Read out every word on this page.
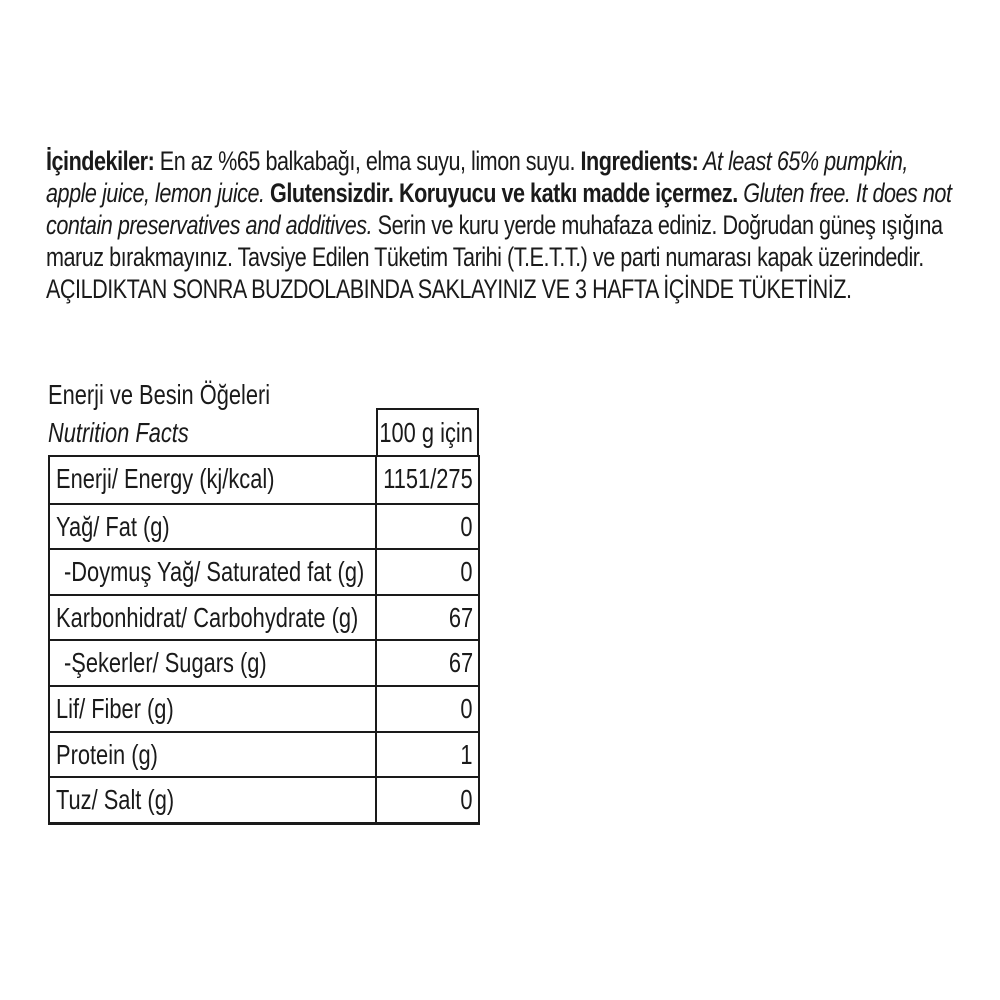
İçindekiler: En az %65 balkabağı, elma suyu, limon suyu. Ingredients: At least 65% pumpkin, apple juice, lemon juice. Glutensizdir. Koruyucu ve katkı madde içermez. Gluten free. It does not contain preservatives and additives. Serin ve kuru yerde muhafaza ediniz. Doğrudan güneş ışığına maruz bırakmayınız. Tavsiye Edilen Tüketim Tarihi (T.E.T.T.) ve parti numarası kapak üzerindedir. AÇILDIKTAN SONRA BUZDOLABINDA SAKLAYINIZ VE 3 HAFTA İÇİNDE TÜKETİNİZ.
Enerji ve Besin Öğeleri
Nutrition Facts	100 g için
Enerji/ Energy (kj/kcal)	1151/275
Yağ/ Fat (g)	0
-Doymuş Yağ/ Saturated fat (g)	0
Karbonhidrat/ Carbohydrate (g)	67
-Şekerler/ Sugars (g)	67
Lif/ Fiber (g)	0
Protein (g)	1
Tuz/ Salt (g)	0
